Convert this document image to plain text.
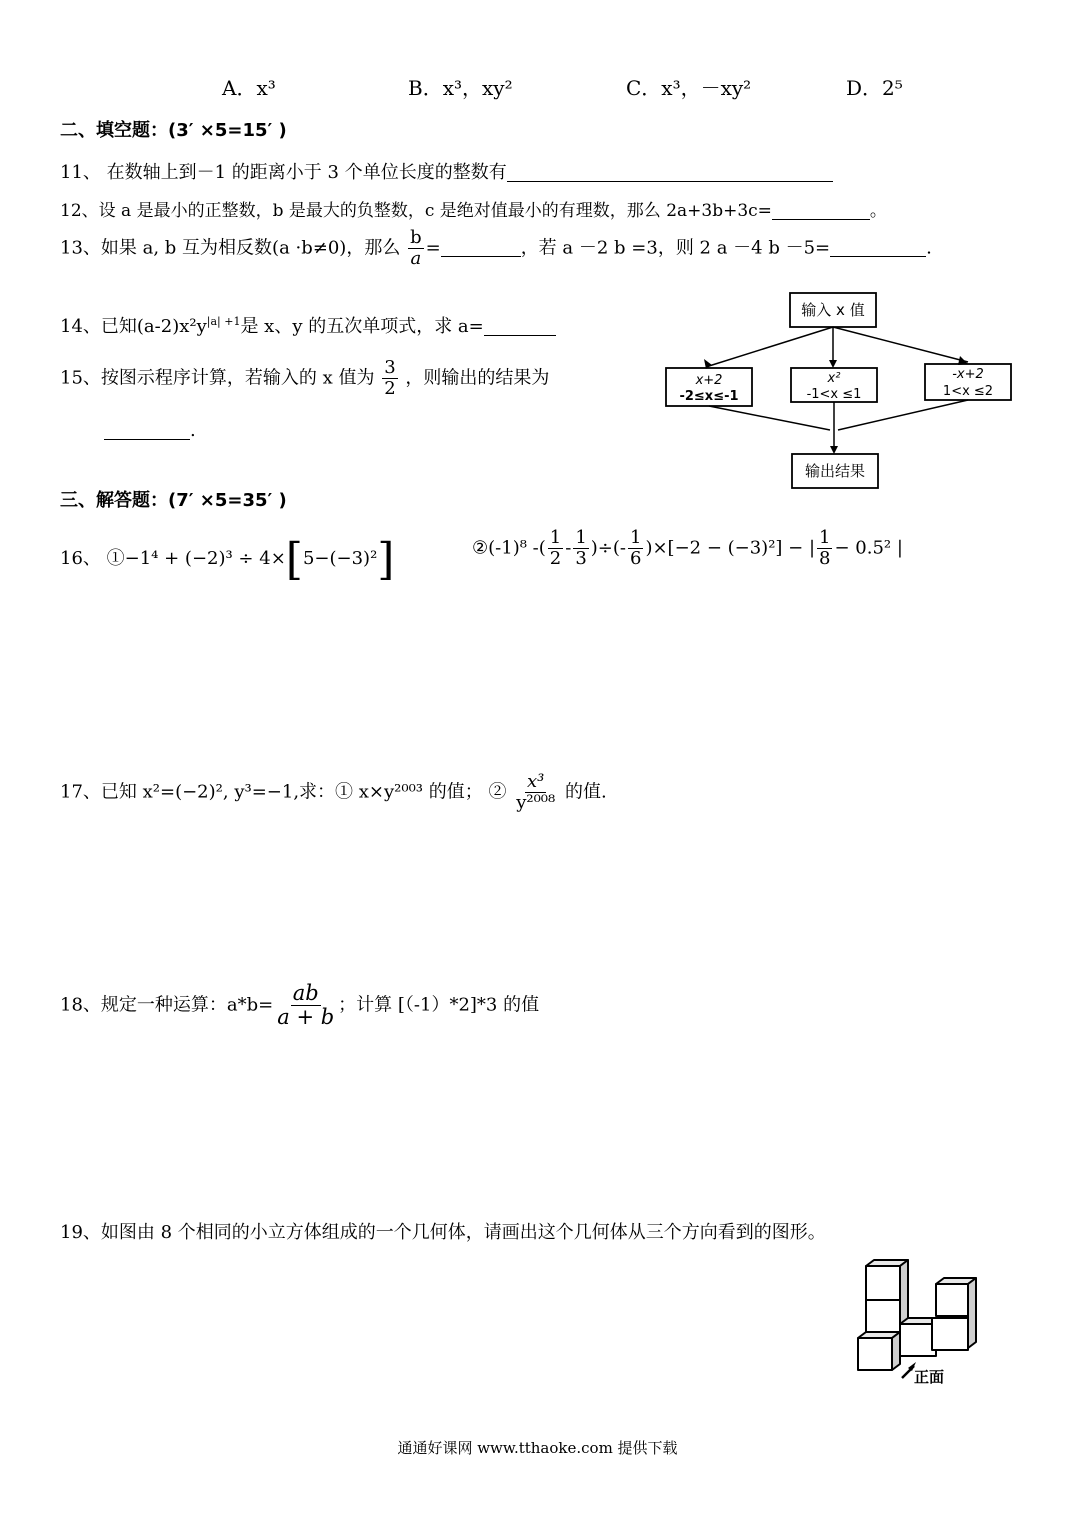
A．x³	B．x³，xy²	C．x³，－xy²	D．2⁵
二、填空题：(3′ ×5=15′ )
11、 在数轴上到－1 的距离小于 3 个单位长度的整数有
12、设 a 是最小的正整数，b 是最大的负整数，c 是绝对值最小的有理数，那么 2a+3b+3c=	。
13、如果 a, b 互为相反数(a ·b≠0)，那么 $\frac{b}{a}$ =	，若 a －2 b =3，则 2 a －4 b －5=	.
14、已知$(a-2)x^2y^{|a| +1}$是 x、y 的五次单项式，求 a=
15、按图示程序计算，若输入的 x 值为 $\frac{3}{2}$ ，则输出的结果为
.
输入 x 值
x+2
-2≤x≤-1
x²
-1<x ≤1
-x+2
1<x ≤2
输出结果
三、解答题：(7′ ×5=35′ )
16、 ①−1⁴ + (−2)³ ÷ 4×[5−(−3)²]	②(-1)⁸ -( $\frac{1}{2} - \frac{1}{3}$ )÷(- $\frac{1}{6} )\times[-2 - (-3)^2]$ − | $\frac{1}{8} - 0.5^2$ |
17、已知 x²=(−2)², y³=−1,求：① x×y²⁰⁰³ 的值； ② $\frac{\text{x³}}{\text{y²⁰⁰⁸}}$ 的值.
18、规定一种运算：$a*b= \frac{ab}{a + b}$ ；计算 [（-1）*2]*3 的值
19、如图由 8 个相同的小立方体组成的一个几何体，请画出这个几何体从三个方向看到的图形。
正面
通通好课网 www.tthaoke.com 提供下载
